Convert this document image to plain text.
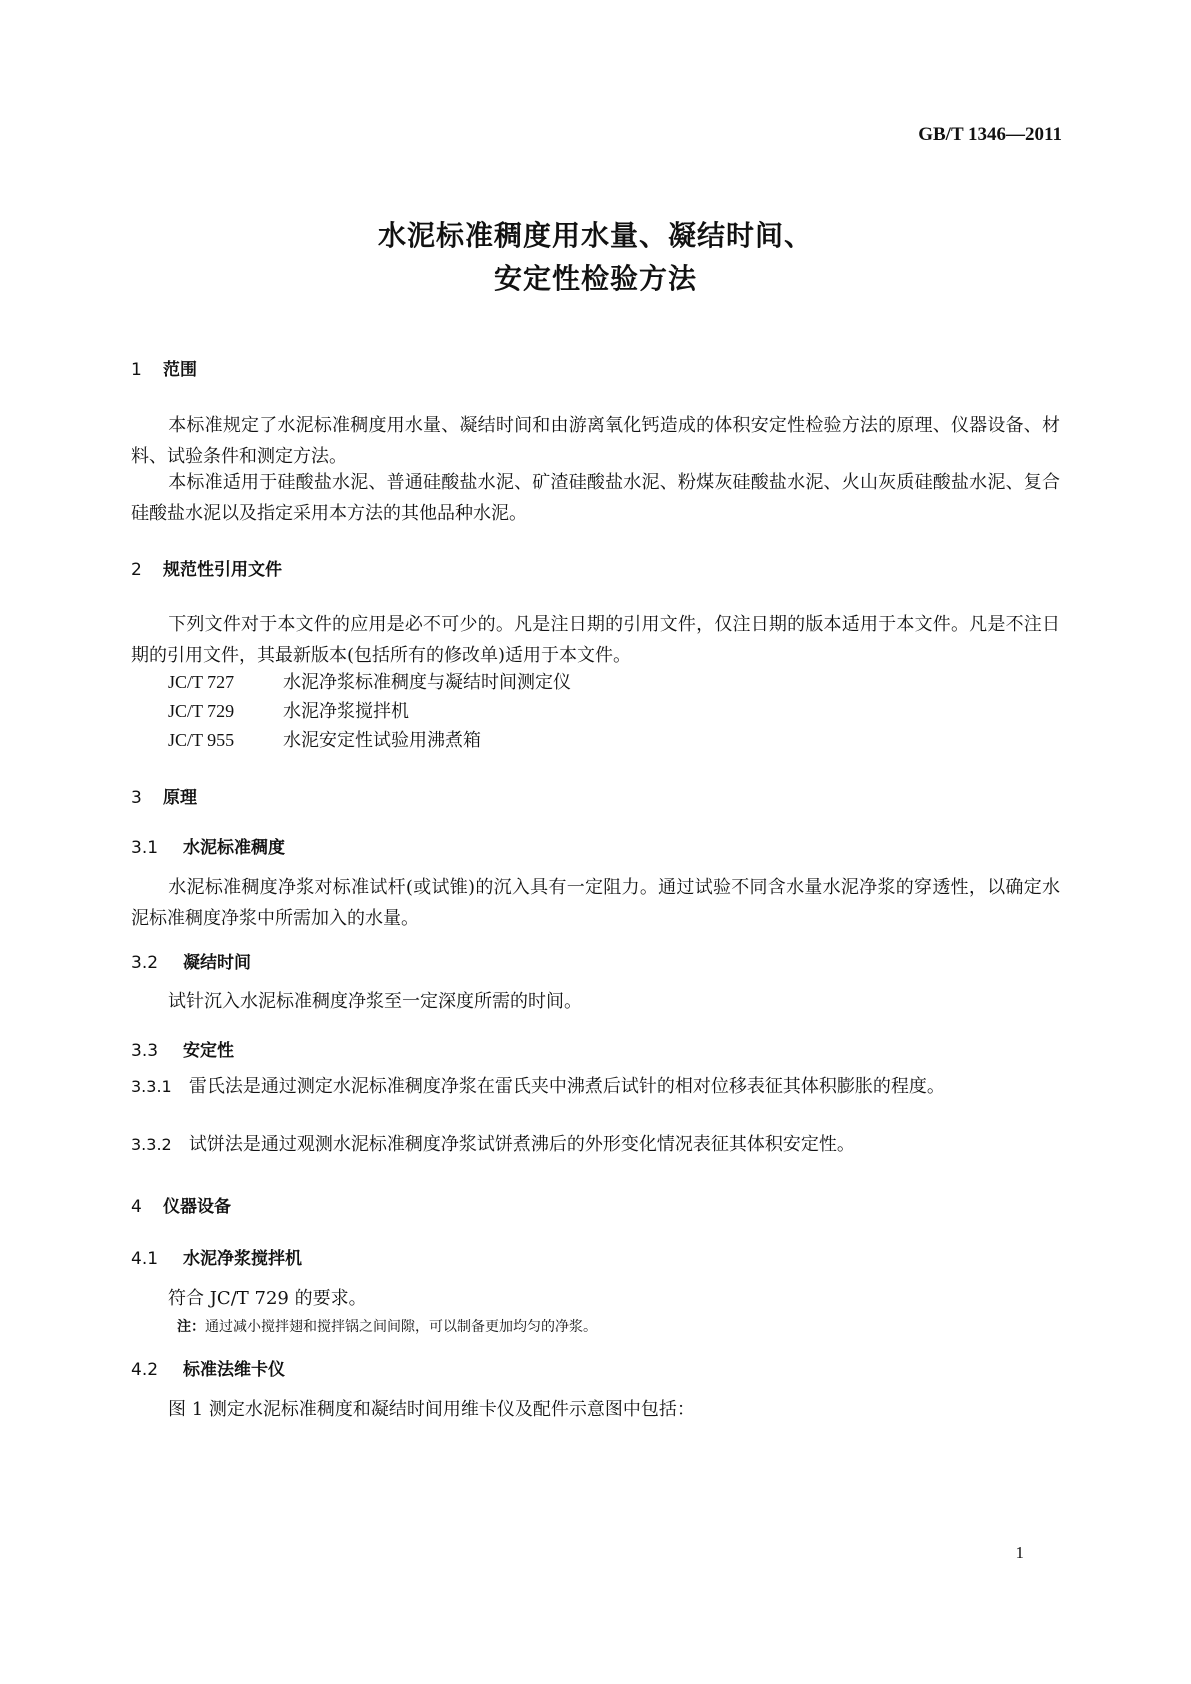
GB/T 1346—2011
水泥标准稠度用水量、凝结时间、
安定性检验方法
1 范围
本标准规定了水泥标准稠度用水量、凝结时间和由游离氧化钙造成的体积安定性检验方法的原理、仪器设备、材料、试验条件和测定方法。
本标准适用于硅酸盐水泥、普通硅酸盐水泥、矿渣硅酸盐水泥、粉煤灰硅酸盐水泥、火山灰质硅酸盐水泥、复合硅酸盐水泥以及指定采用本方法的其他品种水泥。
2 规范性引用文件
下列文件对于本文件的应用是必不可少的。凡是注日期的引用文件，仅注日期的版本适用于本文件。凡是不注日期的引用文件，其最新版本(包括所有的修改单)适用于本文件。
JC/T 727	水泥净浆标准稠度与凝结时间测定仪
JC/T 729	水泥净浆搅拌机
JC/T 955	水泥安定性试验用沸煮箱
3 原理
3.1 水泥标准稠度
水泥标准稠度净浆对标准试杆(或试锥)的沉入具有一定阻力。通过试验不同含水量水泥净浆的穿透性，以确定水泥标准稠度净浆中所需加入的水量。
3.2 凝结时间
试针沉入水泥标准稠度净浆至一定深度所需的时间。
3.3 安定性
3.3.1 雷氏法是通过测定水泥标准稠度净浆在雷氏夹中沸煮后试针的相对位移表征其体积膨胀的程度。
3.3.2 试饼法是通过观测水泥标准稠度净浆试饼煮沸后的外形变化情况表征其体积安定性。
4 仪器设备
4.1 水泥净浆搅拌机
符合 JC/T 729 的要求。
注：通过减小搅拌翅和搅拌锅之间间隙，可以制备更加均匀的净浆。
4.2 标准法维卡仪
图 1 测定水泥标准稠度和凝结时间用维卡仪及配件示意图中包括：
1
